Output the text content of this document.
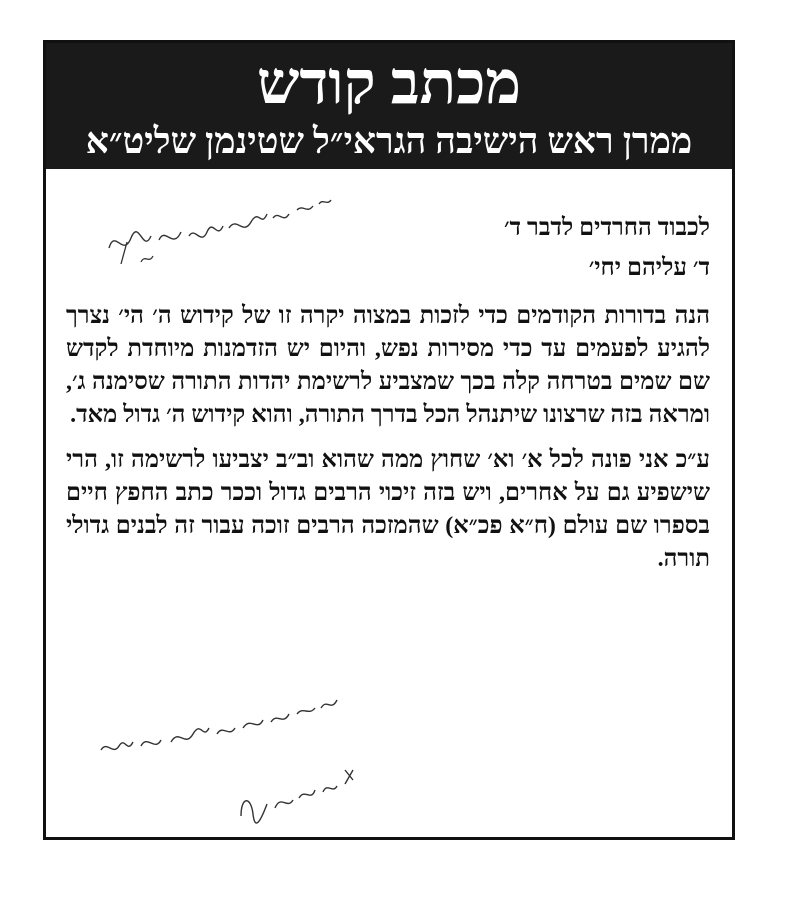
מכתב קודש
ממרן ראש הישיבה הגראי״ל שטינמן שליט״א
לכבוד החרדים לדבר ד׳
ד׳ עליהם יחי׳
הנה בדורות הקודמים כדי לזכות במצוה יקרה זו של קידוש ה׳ הי׳ נצרך להגיע לפעמים עד כדי מסירות נפש, והיום יש הזדמנות מיוחדת לקדש שם שמים בטרחה קלה בכך שמצביע לרשימת יהדות התורה שסימנה ג׳, ומראה בזה שרצונו שיתנהל הכל בדרך התורה, והוא קידוש ה׳ גדול מאד.
ע״כ אני פונה לכל א׳ וא׳ שחוץ ממה שהוא וב״ב יצביעו לרשימה זו, הרי שישפיע גם על אחרים, ויש בזה זיכוי הרבים גדול וככר כתב החפץ חיים בספרו שם עולם (ח״א פכ״א) שהמזכה הרבים זוכה עבור זה לבנים גדולי תורה.
